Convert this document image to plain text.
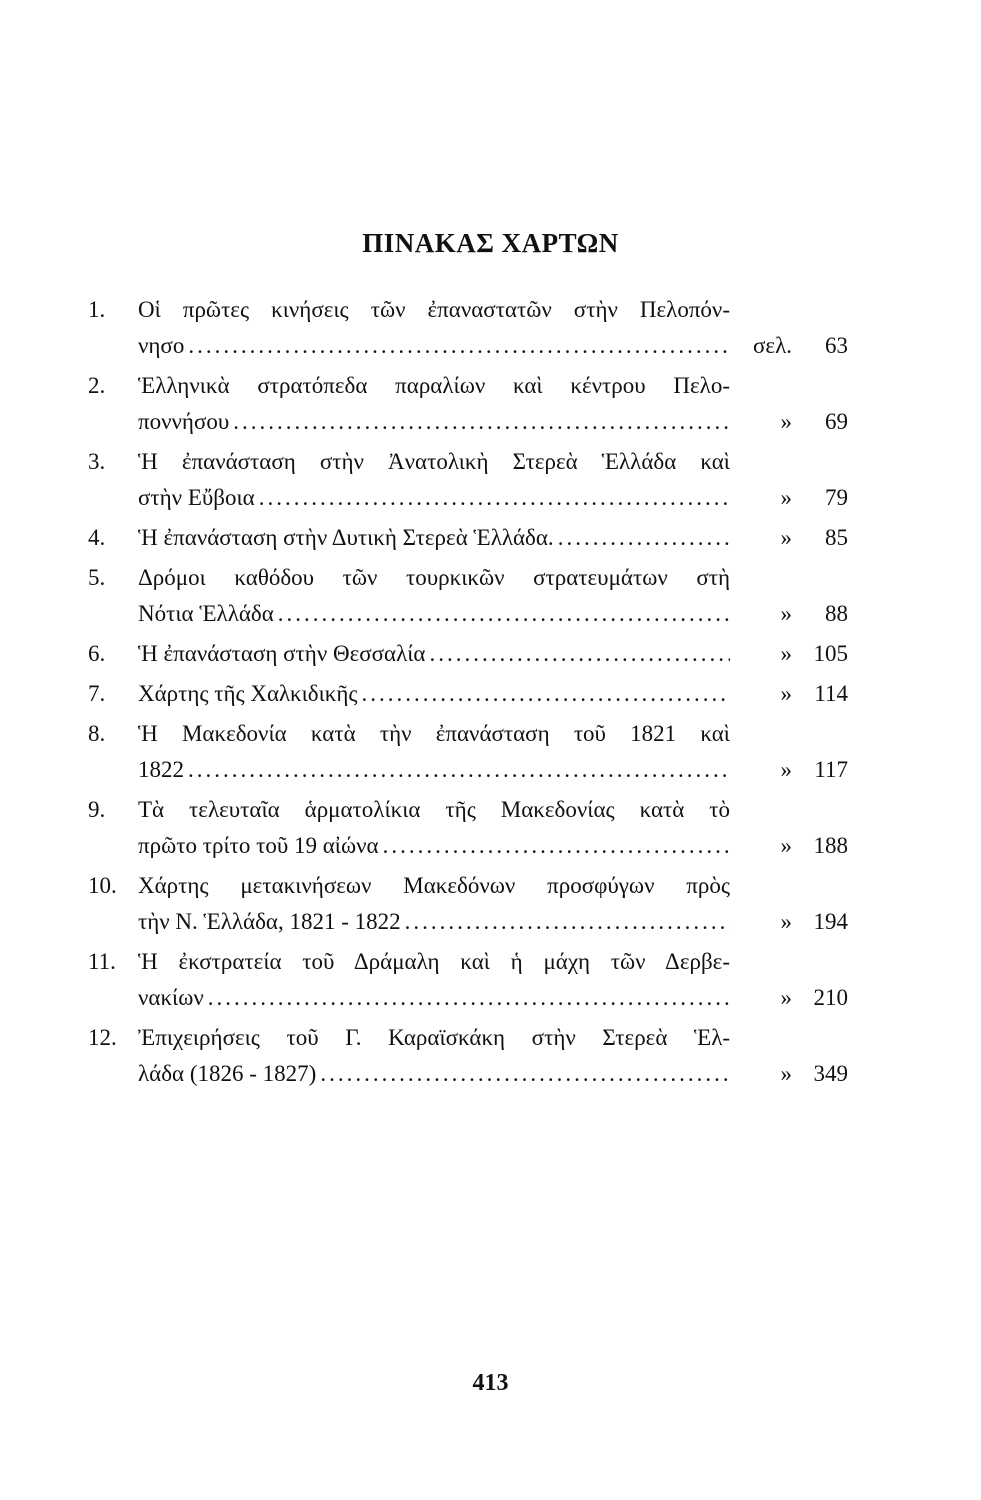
ΠΙΝΑΚΑΣ ΧΑΡΤΩΝ
1.	Οἱ πρῶτες κινήσεις τῶν ἐπαναστατῶν στὴν Πελοπόν-
νησο .....	σελ.	63
2.	Ἑλληνικὰ στρατόπεδα παραλίων καὶ κέντρου Πελο-
ποννήσου .....	»	69
3.	Ἡ ἐπανάσταση στὴν Ἀνατολικὴ Στερεὰ Ἑλλάδα καὶ
στὴν Εὔβοια .....	»	79
4.	Ἡ ἐπανάσταση στὴν Δυτικὴ Στερεὰ Ἑλλάδα. .....	»	85
5.	Δρόμοι καθόδου τῶν τουρκικῶν στρατευμάτων στὴ
Νότια Ἑλλάδα .....	»	88
6.	Ἡ ἐπανάσταση στὴν Θεσσαλία .....	» 105
7.	Χάρτης τῆς Χαλκιδικῆς .....	» 114
8.	Ἡ Μακεδονία κατὰ τὴν ἐπανάσταση τοῦ 1821 καὶ
1822 .....	» 117
9.	Τὰ τελευταῖα ἁρματολίκια τῆς Μακεδονίας κατὰ τὸ
πρῶτο τρίτο τοῦ 19 αἰώνα .....	» 188
10. Χάρτης μετακινήσεων Μακεδόνων προσφύγων πρὸς
τὴν Ν. Ἑλλάδα, 1821 - 1822 .....	» 194
11. Ἡ ἐκστρατεία τοῦ Δράμαλη καὶ ἡ μάχη τῶν Δερβε-
νακίων .....	» 210
12. Ἐπιχειρήσεις τοῦ Γ. Καραϊσκάκη στὴν Στερεὰ Ἑλ-
λάδα (1826 - 1827) .....	» 349
413
